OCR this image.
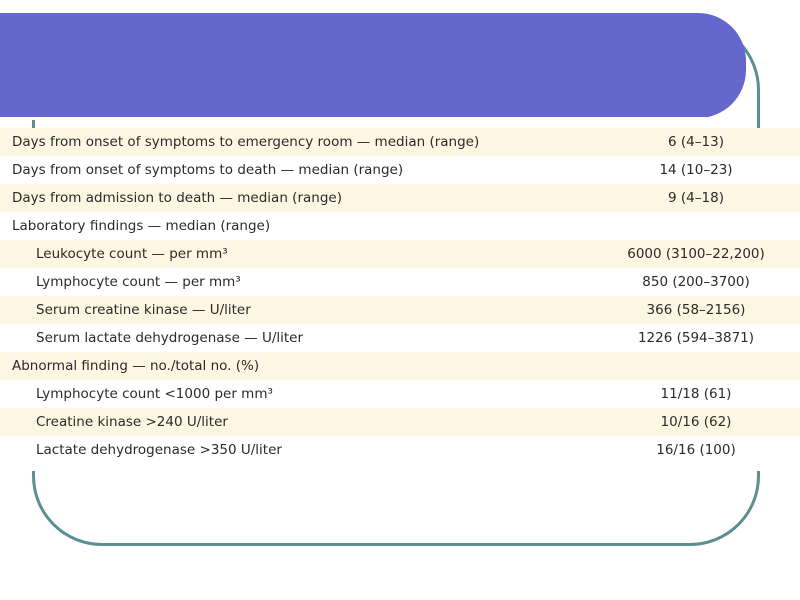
Days from onset of symptoms to emergency room — median (range)	6 (4–13)
Days from onset of symptoms to death — median (range)	14 (10–23)
Days from admission to death — median (range)	9 (4–18)
Laboratory findings — median (range)	
Leukocyte count — per mm³	6000 (3100–22,200)
Lymphocyte count — per mm³	850 (200–3700)
Serum creatine kinase — U/liter	366 (58–2156)
Serum lactate dehydrogenase — U/liter	1226 (594–3871)
Abnormal finding — no./total no. (%)	
Lymphocyte count <1000 per mm³	11/18 (61)
Creatine kinase >240 U/liter	10/16 (62)
Lactate dehydrogenase >350 U/liter	16/16 (100)
